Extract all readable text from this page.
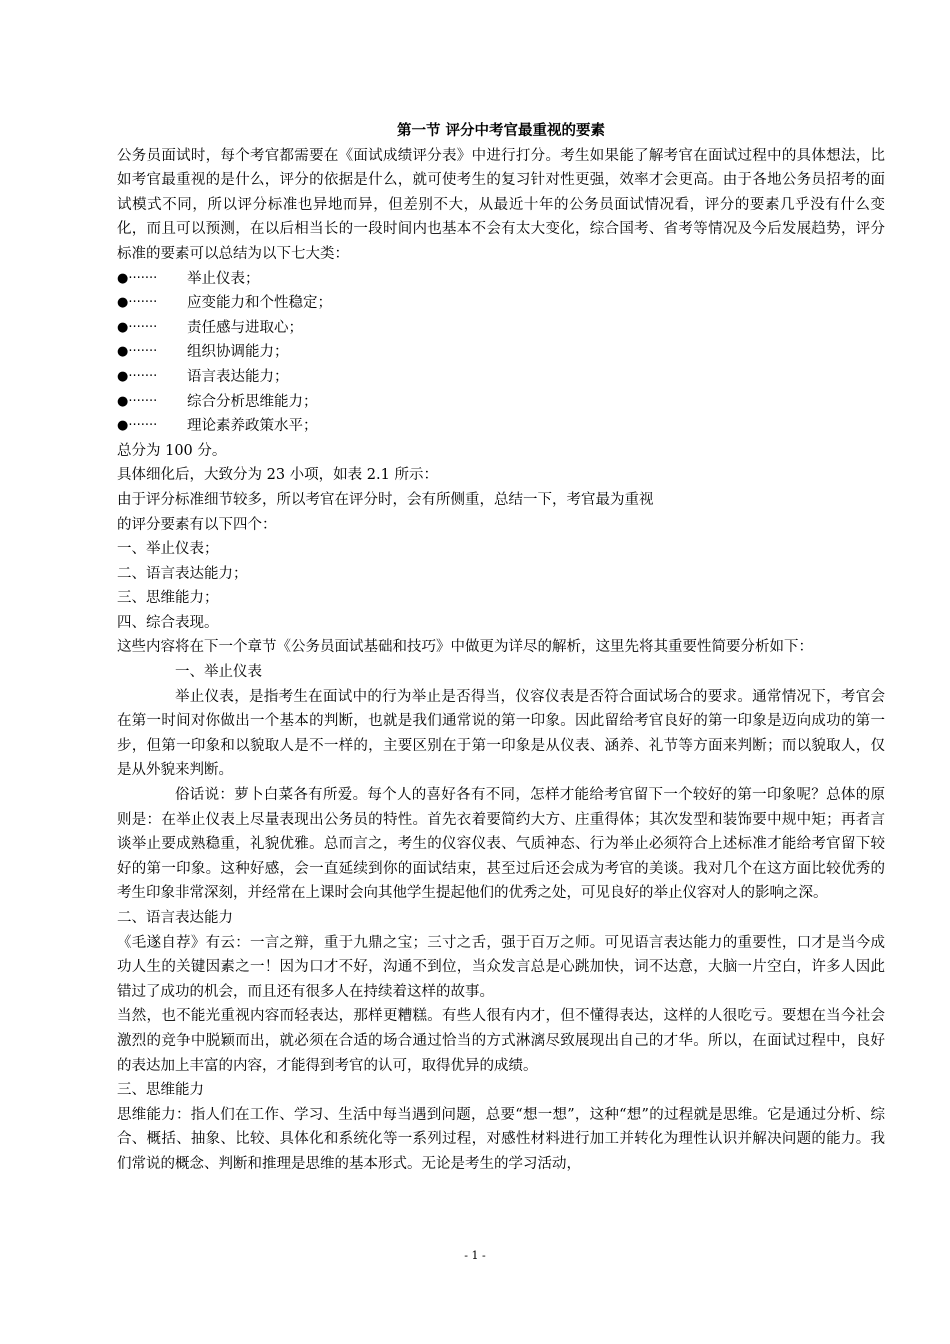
第一节 评分中考官最重视的要素

公务员面试时，每个考官都需要在《面试成绩评分表》中进行打分。考生如果能了解考官在面试过程中的具体想法，比如考官最重视的是什么，评分的依据是什么，就可使考生的复习针对性更强，效率才会更高。由于各地公务员招考的面试模式不同，所以评分标准也异地而异，但差别不大，从最近十年的公务员面试情况看，评分的要素几乎没有什么变化，而且可以预测，在以后相当长的一段时间内也基本不会有太大变化，综合国考、省考等情况及今后发展趋势，评分标准的要素可以总结为以下七大类：

●·······	举止仪表；
●·······	应变能力和个性稳定；
●·······	责任感与进取心；
●·······	组织协调能力；
●·······	语言表达能力；
●·······	综合分析思维能力；
●·······	理论素养政策水平；

总分为 100 分。

具体细化后，大致分为 23 小项，如表 2.1 所示：

由于评分标准细节较多，所以考官在评分时，会有所侧重，总结一下，考官最为重视

的评分要素有以下四个：

一、举止仪表；

二、语言表达能力；

三、思维能力；

四、综合表现。

这些内容将在下一个章节《公务员面试基础和技巧》中做更为详尽的解析，这里先将其重要性简要分析如下：

一、举止仪表

举止仪表，是指考生在面试中的行为举止是否得当，仪容仪表是否符合面试场合的要求。通常情况下，考官会在第一时间对你做出一个基本的判断，也就是我们通常说的第一印象。因此留给考官良好的第一印象是迈向成功的第一步，但第一印象和以貌取人是不一样的，主要区别在于第一印象是从仪表、涵养、礼节等方面来判断；而以貌取人，仅是从外貌来判断。

俗话说：萝卜白菜各有所爱。每个人的喜好各有不同，怎样才能给考官留下一个较好的第一印象呢？总体的原则是：在举止仪表上尽量表现出公务员的特性。首先衣着要简约大方、庄重得体；其次发型和装饰要中规中矩；再者言谈举止要成熟稳重，礼貌优雅。总而言之，考生的仪容仪表、气质神态、行为举止必须符合上述标准才能给考官留下较好的第一印象。这种好感，会一直延续到你的面试结束，甚至过后还会成为考官的美谈。我对几个在这方面比较优秀的考生印象非常深刻，并经常在上课时会向其他学生提起他们的优秀之处，可见良好的举止仪容对人的影响之深。

二、语言表达能力

《毛遂自荐》有云：一言之辩，重于九鼎之宝；三寸之舌，强于百万之师。可见语言表达能力的重要性，口才是当今成功人生的关键因素之一！因为口才不好，沟通不到位，当众发言总是心跳加快，词不达意，大脑一片空白，许多人因此错过了成功的机会，而且还有很多人在持续着这样的故事。

当然，也不能光重视内容而轻表达，那样更糟糕。有些人很有内才，但不懂得表达，这样的人很吃亏。要想在当今社会激烈的竞争中脱颖而出，就必须在合适的场合通过恰当的方式淋漓尽致展现出自己的才华。所以，在面试过程中，良好的表达加上丰富的内容，才能得到考官的认可，取得优异的成绩。

三、思维能力

思维能力：指人们在工作、学习、生活中每当遇到问题，总要“想一想”，这种“想”的过程就是思维。它是通过分析、综合、概括、抽象、比较、具体化和系统化等一系列过程，对感性材料进行加工并转化为理性认识并解决问题的能力。我们常说的概念、判断和推理是思维的基本形式。无论是考生的学习活动，

- 1 -
